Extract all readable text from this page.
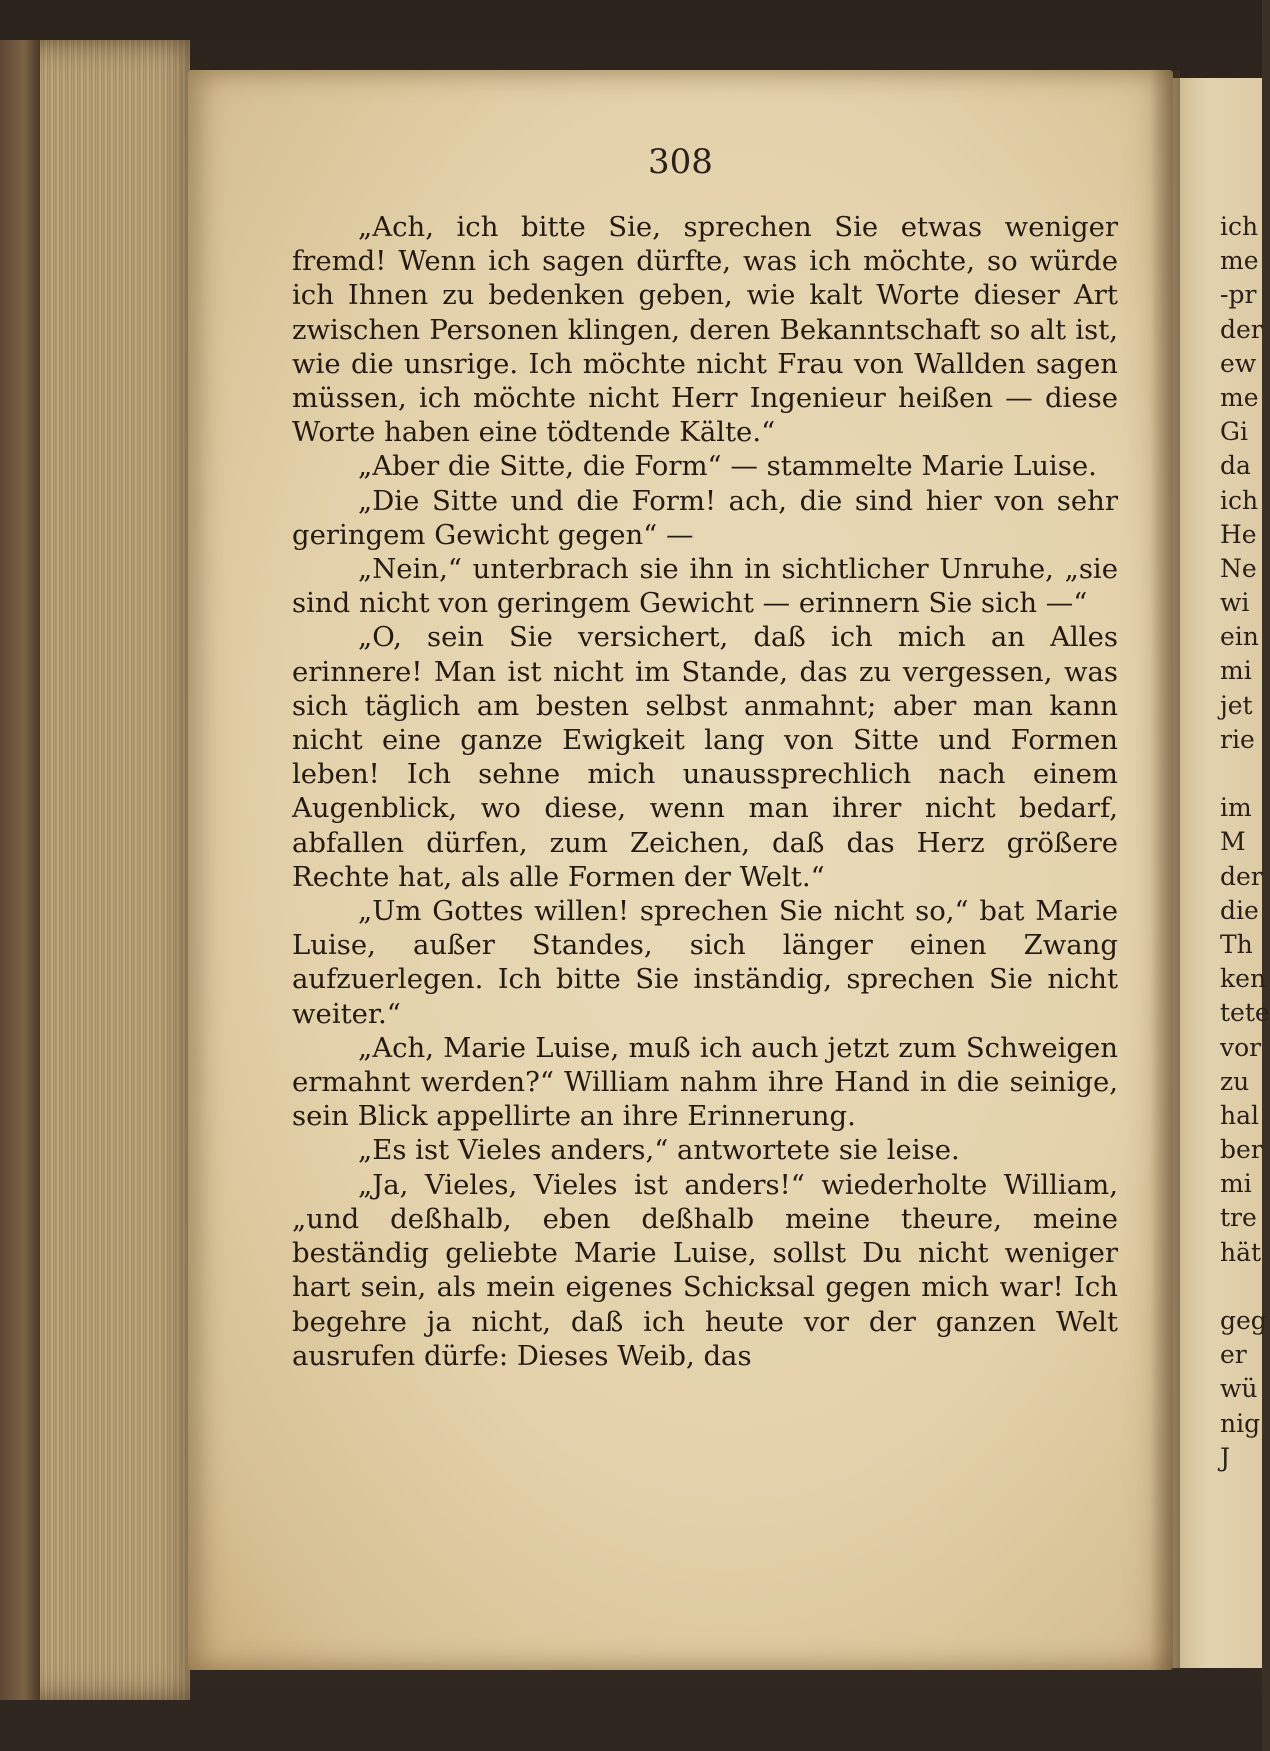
308

„Ach, ich bitte Sie, sprechen Sie etwas weniger fremd! Wenn ich sagen dürfte, was ich möchte, so würde ich Ihnen zu bedenken geben, wie kalt Worte dieser Art zwischen Personen klingen, deren Bekanntschaft so alt ist, wie die unsrige. Ich möchte nicht Frau von Wallden sagen müssen, ich möchte nicht Herr Ingenieur heißen — diese Worte haben eine tödtende Kälte.“

„Aber die Sitte, die Form“ — stammelte Marie Luise.

„Die Sitte und die Form! ach, die sind hier von sehr geringem Gewicht gegen“ —

„Nein,“ unterbrach sie ihn in sichtlicher Unruhe, „sie sind nicht von geringem Gewicht — erinnern Sie sich —“

„O, sein Sie versichert, daß ich mich an Alles erinnere! Man ist nicht im Stande, das zu vergessen, was sich täglich am besten selbst anmahnt; aber man kann nicht eine ganze Ewigkeit lang von Sitte und Formen leben! Ich sehne mich unaussprechlich nach einem Augenblick, wo diese, wenn man ihrer nicht bedarf, abfallen dürfen, zum Zeichen, daß das Herz größere Rechte hat, als alle Formen der Welt.“

„Um Gottes willen! sprechen Sie nicht so,“ bat Marie Luise, außer Standes, sich länger einen Zwang aufzuerlegen. Ich bitte Sie inständig, sprechen Sie nicht weiter.“

„Ach, Marie Luise, muß ich auch jetzt zum Schweigen ermahnt werden?“ William nahm ihre Hand in die seinige, sein Blick appellirte an ihre Erinnerung.

„Es ist Vieles anders,“ antwortete sie leise.

„Ja, Vieles, Vieles ist anders!“ wiederholte William, „und deßhalb, eben deßhalb meine theure, meine beständig geliebte Marie Luise, sollst Du nicht weniger hart sein, als mein eigenes Schicksal gegen mich war! Ich begehre ja nicht, daß ich heute vor der ganzen Welt ausrufen dürfe: Dieses Weib, das

ich
me
-pr
der
ew
me
Gi
da
ich
He
Ne
wi
ein
mi
jet
rie
im
M
der
die
Th
ken
tete
vor
zu
hal
ber
mi
tre
hät
geg
er
wü
nig
J
